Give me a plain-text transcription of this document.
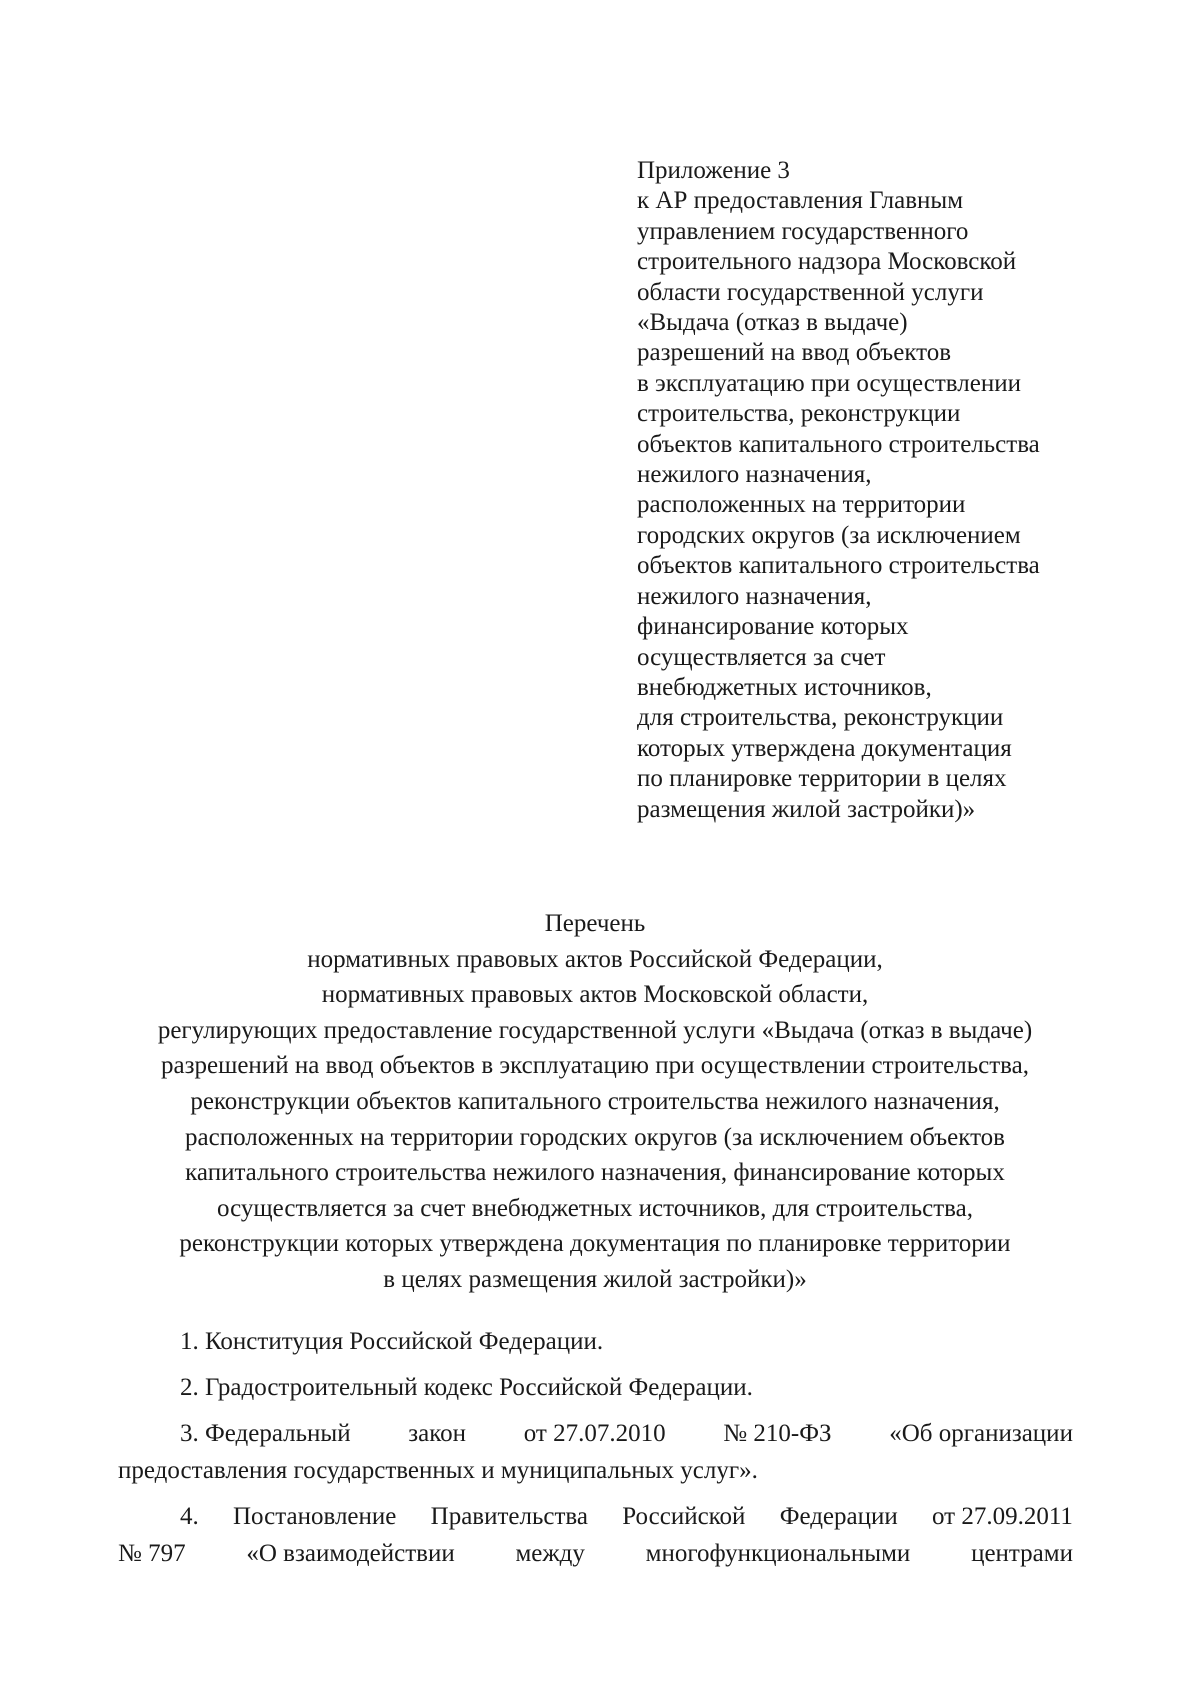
Приложение 3
к АР предоставления Главным
управлением государственного
строительного надзора Московской
области государственной услуги
«Выдача (отказ в выдаче)
разрешений на ввод объектов
в эксплуатацию при осуществлении
строительства, реконструкции
объектов капитального строительства
нежилого назначения,
расположенных на территории
городских округов (за исключением
объектов капитального строительства
нежилого назначения,
финансирование которых
осуществляется за счет
внебюджетных источников,
для строительства, реконструкции
которых утверждена документация
по планировке территории в целях
размещения жилой застройки)»
Перечень
нормативных правовых актов Российской Федерации,
нормативных правовых актов Московской области,
регулирующих предоставление государственной услуги «Выдача (отказ в выдаче)
разрешений на ввод объектов в эксплуатацию при осуществлении строительства,
реконструкции объектов капитального строительства нежилого назначения,
расположенных на территории городских округов (за исключением объектов
капитального строительства нежилого назначения, финансирование которых
осуществляется за счет внебюджетных источников, для строительства,
реконструкции которых утверждена документация по планировке территории
в целях размещения жилой застройки)»
1. Конституция Российской Федерации.
2. Градостроительный кодекс Российской Федерации.
3. Федеральный закон от 27.07.2010 № 210-ФЗ «Об организации
предоставления государственных и муниципальных услуг».
4. Постановление Правительства Российской Федерации от 27.09.2011
№ 797 «О взаимодействии между многофункциональными центрами
